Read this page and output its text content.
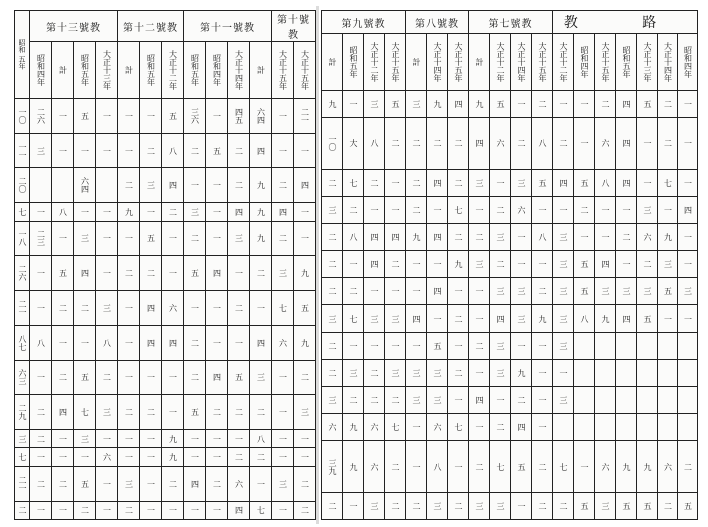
昭和 五年	第十三號教				第十二號教			第十一號教				第十號教		
	昭和四年	計	昭和五年	大正十三年	計	昭和五年	大正十二年	昭和五年	昭和四年	大正十四年	計	大正十五年	大正十五年	
一〇	二六	一	五	一	一	一	五	三六	一	四五	六四	一	二一	
一一	三	一	一	一	一	二	八	二	五	二	四	一	一	
二〇			六四		二	三	四	一	一	二	九	二	四	
七	一	八	一	一	九	一	二	三	一	四	九	四	一	
一八	二三	一	三	一	一	五	一	二	一	三	九	二	一	
二六	一	五	四	一	二	二	一	五	四	一	二	三	九	
二一	一	二	二	三	一	四	六	一	一	二	一	七	五	
八七	八	一	一	八	一	四	四	二	一	一	四	六	九	
六三	一	二	五	二	一	一	一	二	四	五	三	一	二	
二九	二	四	七	三	二	二	一	五	二	二	二	一	三	
三	二	一	三	一	一	一	九	一	一	一	八	一	一	
七	一	一	一	六	一	一	九	一	一	二	二	一	一	
二一	二	二	五	一	三	一	二	四	二	六	一	三	二	
二	一	一	二	一	二	一	一	一	一	四	七	一	二	
第九號教				第八號教			第七號教				教 路						
計	昭和五年	大正十二年	大正十五年	計	大正十四年	大正十五年	計	大正十二年	大正十四年	大正十五年	大正十二年	昭和四年	大正十五年	昭和五年	大正十三年	大正十四年	昭和四年
九	一	三	五	三	九	四	九	五	一	二	一	一	二	四	五	二	一
一〇	大	八	二	二	二	二	四	六	二	八	二	一	六	四	一	二	一
二	七	二	一	二	四	二	三	一	三	五	四	五	八	四	一	七	一
三	二	一	一	二	一	七	一	二	六	一	一	二	一	一	三	一	四
二	八	四	四	九	四	二	二	三	一	八	三	一	一	二	六	九	一
二	一	四	二	一	一	九	三	二	一	一	三	五	四	一	二	三	一
二	二	一	一	一	四	一	一	三	三	二	三	五	三	三	三	五	三
三	七	三	三	四	一	二	一	四	三	九	三	八	九	四	五	一	一
二	一	一	一	一	五	一	二	三	一	一	三						
二	三	二	三	三	三	二	一	三	九	一	一						
三	二	二	二	三	三	一	四	一	二	一	三						
六	九	六	七	一	六	七	一	二	四	一							
三九	九	六	二	一	八	一	二	七	五	二	七	一	六	九	九	六	二
二	一	三	二	二	三	二	三	三	一	二	二	五	三	五	五	二	五
